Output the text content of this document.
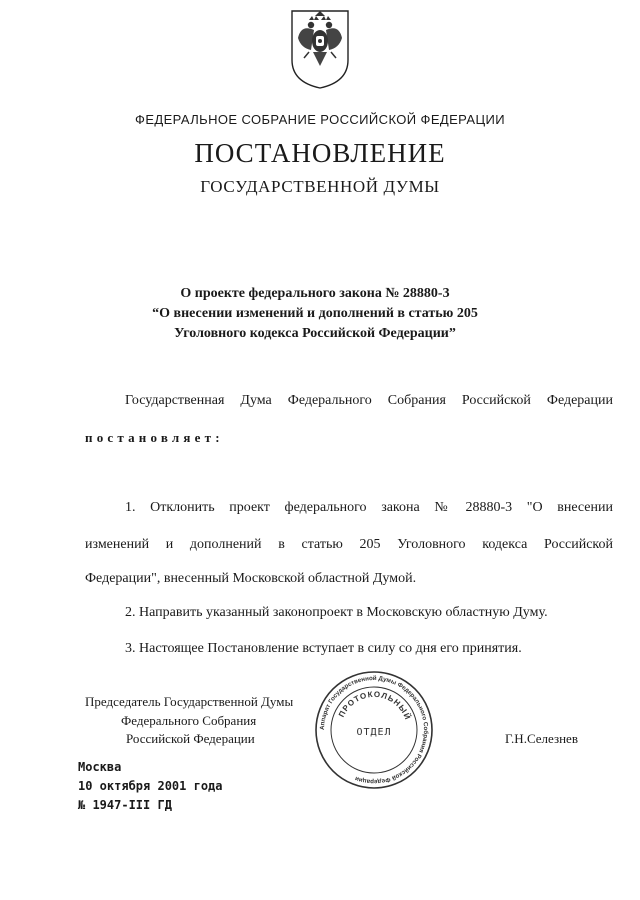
ФЕДЕРАЛЬНОЕ СОБРАНИЕ РОССИЙСКОЙ ФЕДЕРАЦИИ
ПОСТАНОВЛЕНИЕ
ГОСУДАРСТВЕННОЙ ДУМЫ
О проекте федерального закона № 28880-3
“О внесении изменений и дополнений в статью 205
Уголовного кодекса Российской Федерации”
Государственная Дума Федерального Собрания Российской Федерации
постановляет:
1. Отклонить проект федерального закона № 28880-3 "О внесении
изменений и дополнений в статью 205 Уголовного кодекса Российской
Федерации", внесенный Московской областной Думой.
2. Направить указанный законопроект в Московскую областную Думу.
3. Настоящее Постановление вступает в силу со дня его принятия.
Председатель Государственной Думы
Федерального Собрания
Российской Федерации	Г.Н.Селезнев
Аппарат Государственной Думы Федерального Собрания Российской Федерации
ПРОТОКОЛЬНЫЙ
ОТДЕЛ
Москва
10 октября 2001 года
№ 1947-III ГД
